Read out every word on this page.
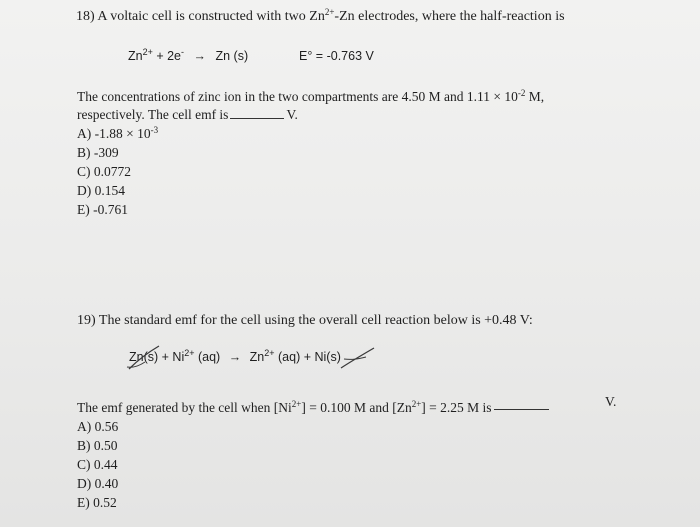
18) A voltaic cell is constructed with two $Zn^{2+}-Zn$ electrodes, where the half-reaction is
$Zn^{2+} + 2e^- \to Zn$ (s)	E° = -0.763 V
The concentrations of zinc ion in the two compartments are 4.50 M and $1.11 \times 10^{-2}$ M,
respectively. The cell emf is	V.
A) $-1.88 \times 10^{-3}$
B) -309
C) 0.0772
D) 0.154
E) -0.761
19) The standard emf for the cell using the overall cell reaction below is +0.48 V:
$Zn(s) + Ni^{2+}$ $(aq) \to Zn^{2+}$ (aq) + Ni(s)
The emf generated by the cell when $[Ni^{2+}] = 0.100$ M and $[Zn^{2+}] = 2.25$ M is	V.
A) 0.56
B) 0.50
C) 0.44
D) 0.40
E) 0.52
